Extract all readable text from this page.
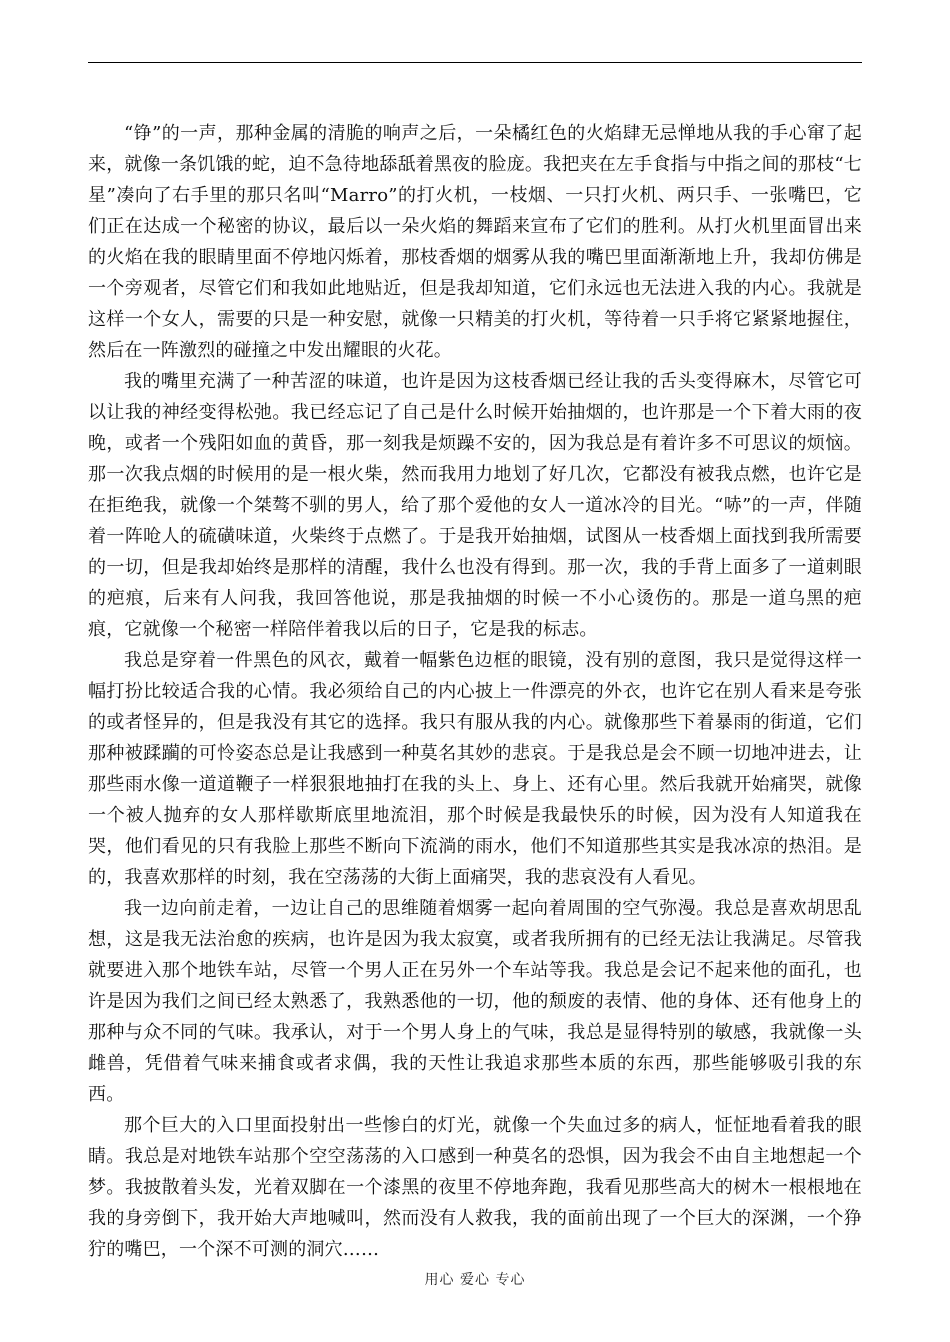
“铮”的一声，那种金属的清脆的响声之后，一朵橘红色的火焰肆无忌惮地从我的手心窜了起来，就像一条饥饿的蛇，迫不急待地舔舐着黑夜的脸庞。我把夹在左手食指与中指之间的那枝“七星”凑向了右手里的那只名叫“Marro”的打火机，一枝烟、一只打火机、两只手、一张嘴巴，它们正在达成一个秘密的协议，最后以一朵火焰的舞蹈来宣布了它们的胜利。从打火机里面冒出来的火焰在我的眼睛里面不停地闪烁着，那枝香烟的烟雾从我的嘴巴里面渐渐地上升，我却仿佛是一个旁观者，尽管它们和我如此地贴近，但是我却知道，它们永远也无法进入我的内心。我就是这样一个女人，需要的只是一种安慰，就像一只精美的打火机，等待着一只手将它紧紧地握住，然后在一阵激烈的碰撞之中发出耀眼的火花。

我的嘴里充满了一种苦涩的味道，也许是因为这枝香烟已经让我的舌头变得麻木，尽管它可以让我的神经变得松弛。我已经忘记了自己是什么时候开始抽烟的，也许那是一个下着大雨的夜晚，或者一个残阳如血的黄昏，那一刻我是烦躁不安的，因为我总是有着许多不可思议的烦恼。那一次我点烟的时候用的是一根火柴，然而我用力地划了好几次，它都没有被我点燃，也许它是在拒绝我，就像一个桀骜不驯的男人，给了那个爱他的女人一道冰冷的目光。“哧”的一声，伴随着一阵呛人的硫磺味道，火柴终于点燃了。于是我开始抽烟，试图从一枝香烟上面找到我所需要的一切，但是我却始终是那样的清醒，我什么也没有得到。那一次，我的手背上面多了一道刺眼的疤痕，后来有人问我，我回答他说，那是我抽烟的时候一不小心烫伤的。那是一道乌黑的疤痕，它就像一个秘密一样陪伴着我以后的日子，它是我的标志。

我总是穿着一件黑色的风衣，戴着一幅紫色边框的眼镜，没有别的意图，我只是觉得这样一幅打扮比较适合我的心情。我必须给自己的内心披上一件漂亮的外衣，也许它在别人看来是夸张的或者怪异的，但是我没有其它的选择。我只有服从我的内心。就像那些下着暴雨的街道，它们那种被蹂躏的可怜姿态总是让我感到一种莫名其妙的悲哀。于是我总是会不顾一切地冲进去，让那些雨水像一道道鞭子一样狠狠地抽打在我的头上、身上、还有心里。然后我就开始痛哭，就像一个被人抛弃的女人那样歇斯底里地流泪，那个时候是我最快乐的时候，因为没有人知道我在哭，他们看见的只有我脸上那些不断向下流淌的雨水，他们不知道那些其实是我冰凉的热泪。是的，我喜欢那样的时刻，我在空荡荡的大街上面痛哭，我的悲哀没有人看见。

我一边向前走着，一边让自己的思维随着烟雾一起向着周围的空气弥漫。我总是喜欢胡思乱想，这是我无法治愈的疾病，也许是因为我太寂寞，或者我所拥有的已经无法让我满足。尽管我就要进入那个地铁车站，尽管一个男人正在另外一个车站等我。我总是会记不起来他的面孔，也许是因为我们之间已经太熟悉了，我熟悉他的一切，他的颓废的表情、他的身体、还有他身上的那种与众不同的气味。我承认，对于一个男人身上的气味，我总是显得特别的敏感，我就像一头雌兽，凭借着气味来捕食或者求偶，我的天性让我追求那些本质的东西，那些能够吸引我的东西。

那个巨大的入口里面投射出一些惨白的灯光，就像一个失血过多的病人，怔怔地看着我的眼睛。我总是对地铁车站那个空空荡荡的入口感到一种莫名的恐惧，因为我会不由自主地想起一个梦。我披散着头发，光着双脚在一个漆黑的夜里不停地奔跑，我看见那些高大的树木一根根地在我的身旁倒下，我开始大声地喊叫，然而没有人救我，我的面前出现了一个巨大的深渊，一个狰狞的嘴巴，一个深不可测的洞穴……

用心 爱心 专心
